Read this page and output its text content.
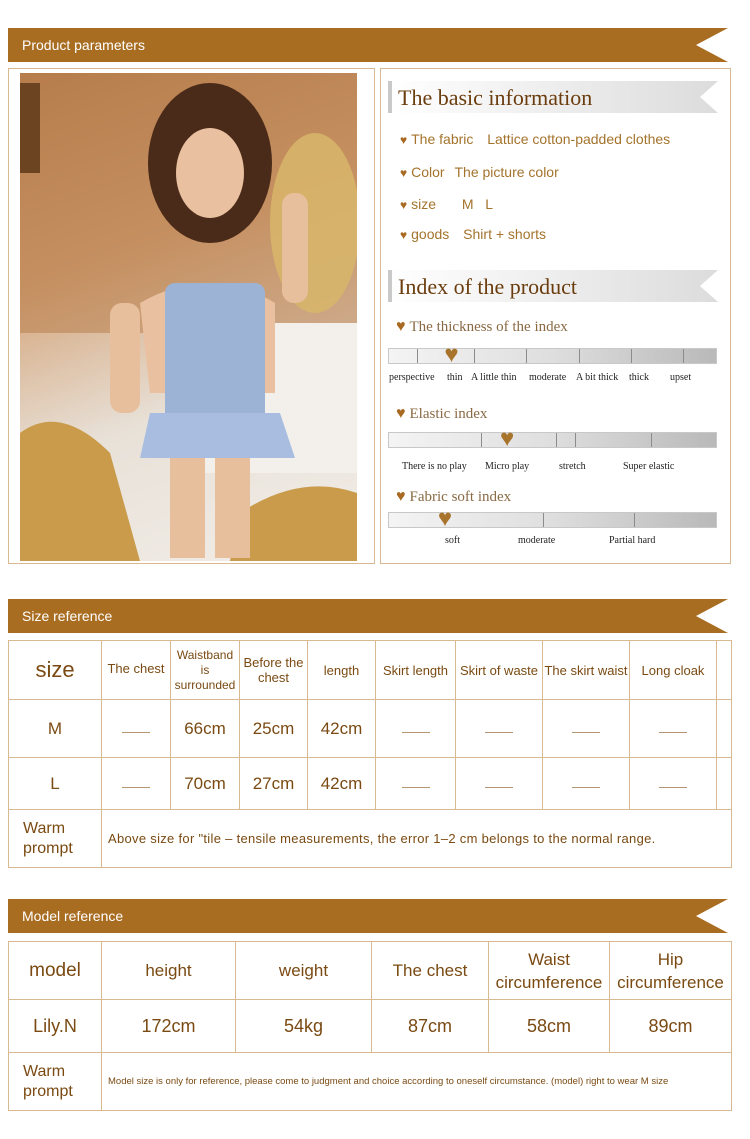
Product parameters
The basic information
♥ The fabric Lattice cotton-padded clothes
♥ Color The picture color
♥ size M   L
♥ goods Shirt + shorts
Index of the product
♥ The thickness of the index
♥
perspective thin A little thin moderate A bit thick thick upset
♥ Elastic index
♥
There is no play Micro play	stretch	Super elastic
♥ Fabric soft index
♥
soft	moderate	Partial hard
Size reference
size	The chest	Waistband is surrounded	Before the chest	length	Skirt length	Skirt of waste	The skirt waist	Long cloak	
M		66cm	25cm	42cm					
L		70cm	27cm	42cm					
Warm prompt	Above size for "tile – tensile measurements, the error 1–2 cm belongs to the normal range.								
Model reference
model	height	weight	The chest	Waist circumference	Hip circumference
Lily.N	172cm	54kg	87cm	58cm	89cm
Warm prompt	Model size is only for reference, please come to judgment and choice according to oneself circumstance. (model) right to wear M size				
